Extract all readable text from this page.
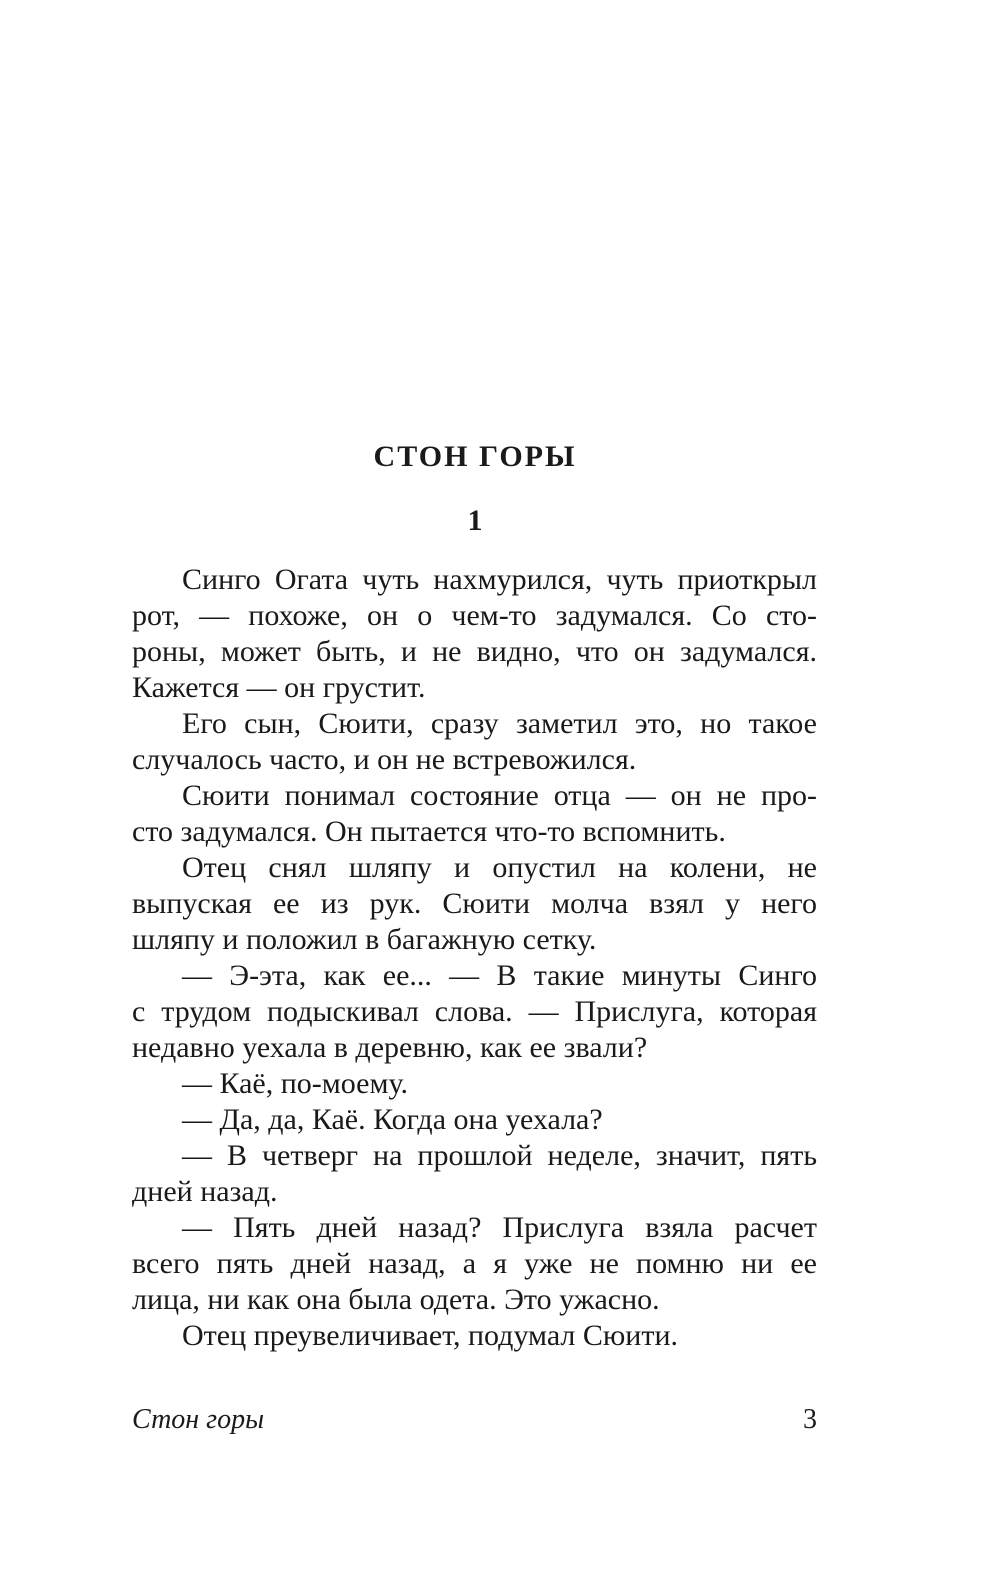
СТОН ГОРЫ
1
Синго Огата чуть нахмурился, чуть приоткрыл
рот, — похоже, он о чем-то задумался. Со сто-
роны, может быть, и не видно, что он задумался.
Кажется — он грустит.
Его сын, Сюити, сразу заметил это, но такое
случалось часто, и он не встревожился.
Сюити понимал состояние отца — он не про-
сто задумался. Он пытается что-то вспомнить.
Отец снял шляпу и опустил на колени, не
выпуская ее из рук. Сюити молча взял у него
шляпу и положил в багажную сетку.
— Э-эта, как ее... — В такие минуты Синго
с трудом подыскивал слова. — Прислуга, которая
недавно уехала в деревню, как ее звали?
— Каё, по-моему.
— Да, да, Каё. Когда она уехала?
— В четверг на прошлой неделе, значит, пять
дней назад.
— Пять дней назад? Прислуга взяла расчет
всего пять дней назад, а я уже не помню ни ее
лица, ни как она была одета. Это ужасно.
Отец преувеличивает, подумал Сюити.
Стон горы	3
